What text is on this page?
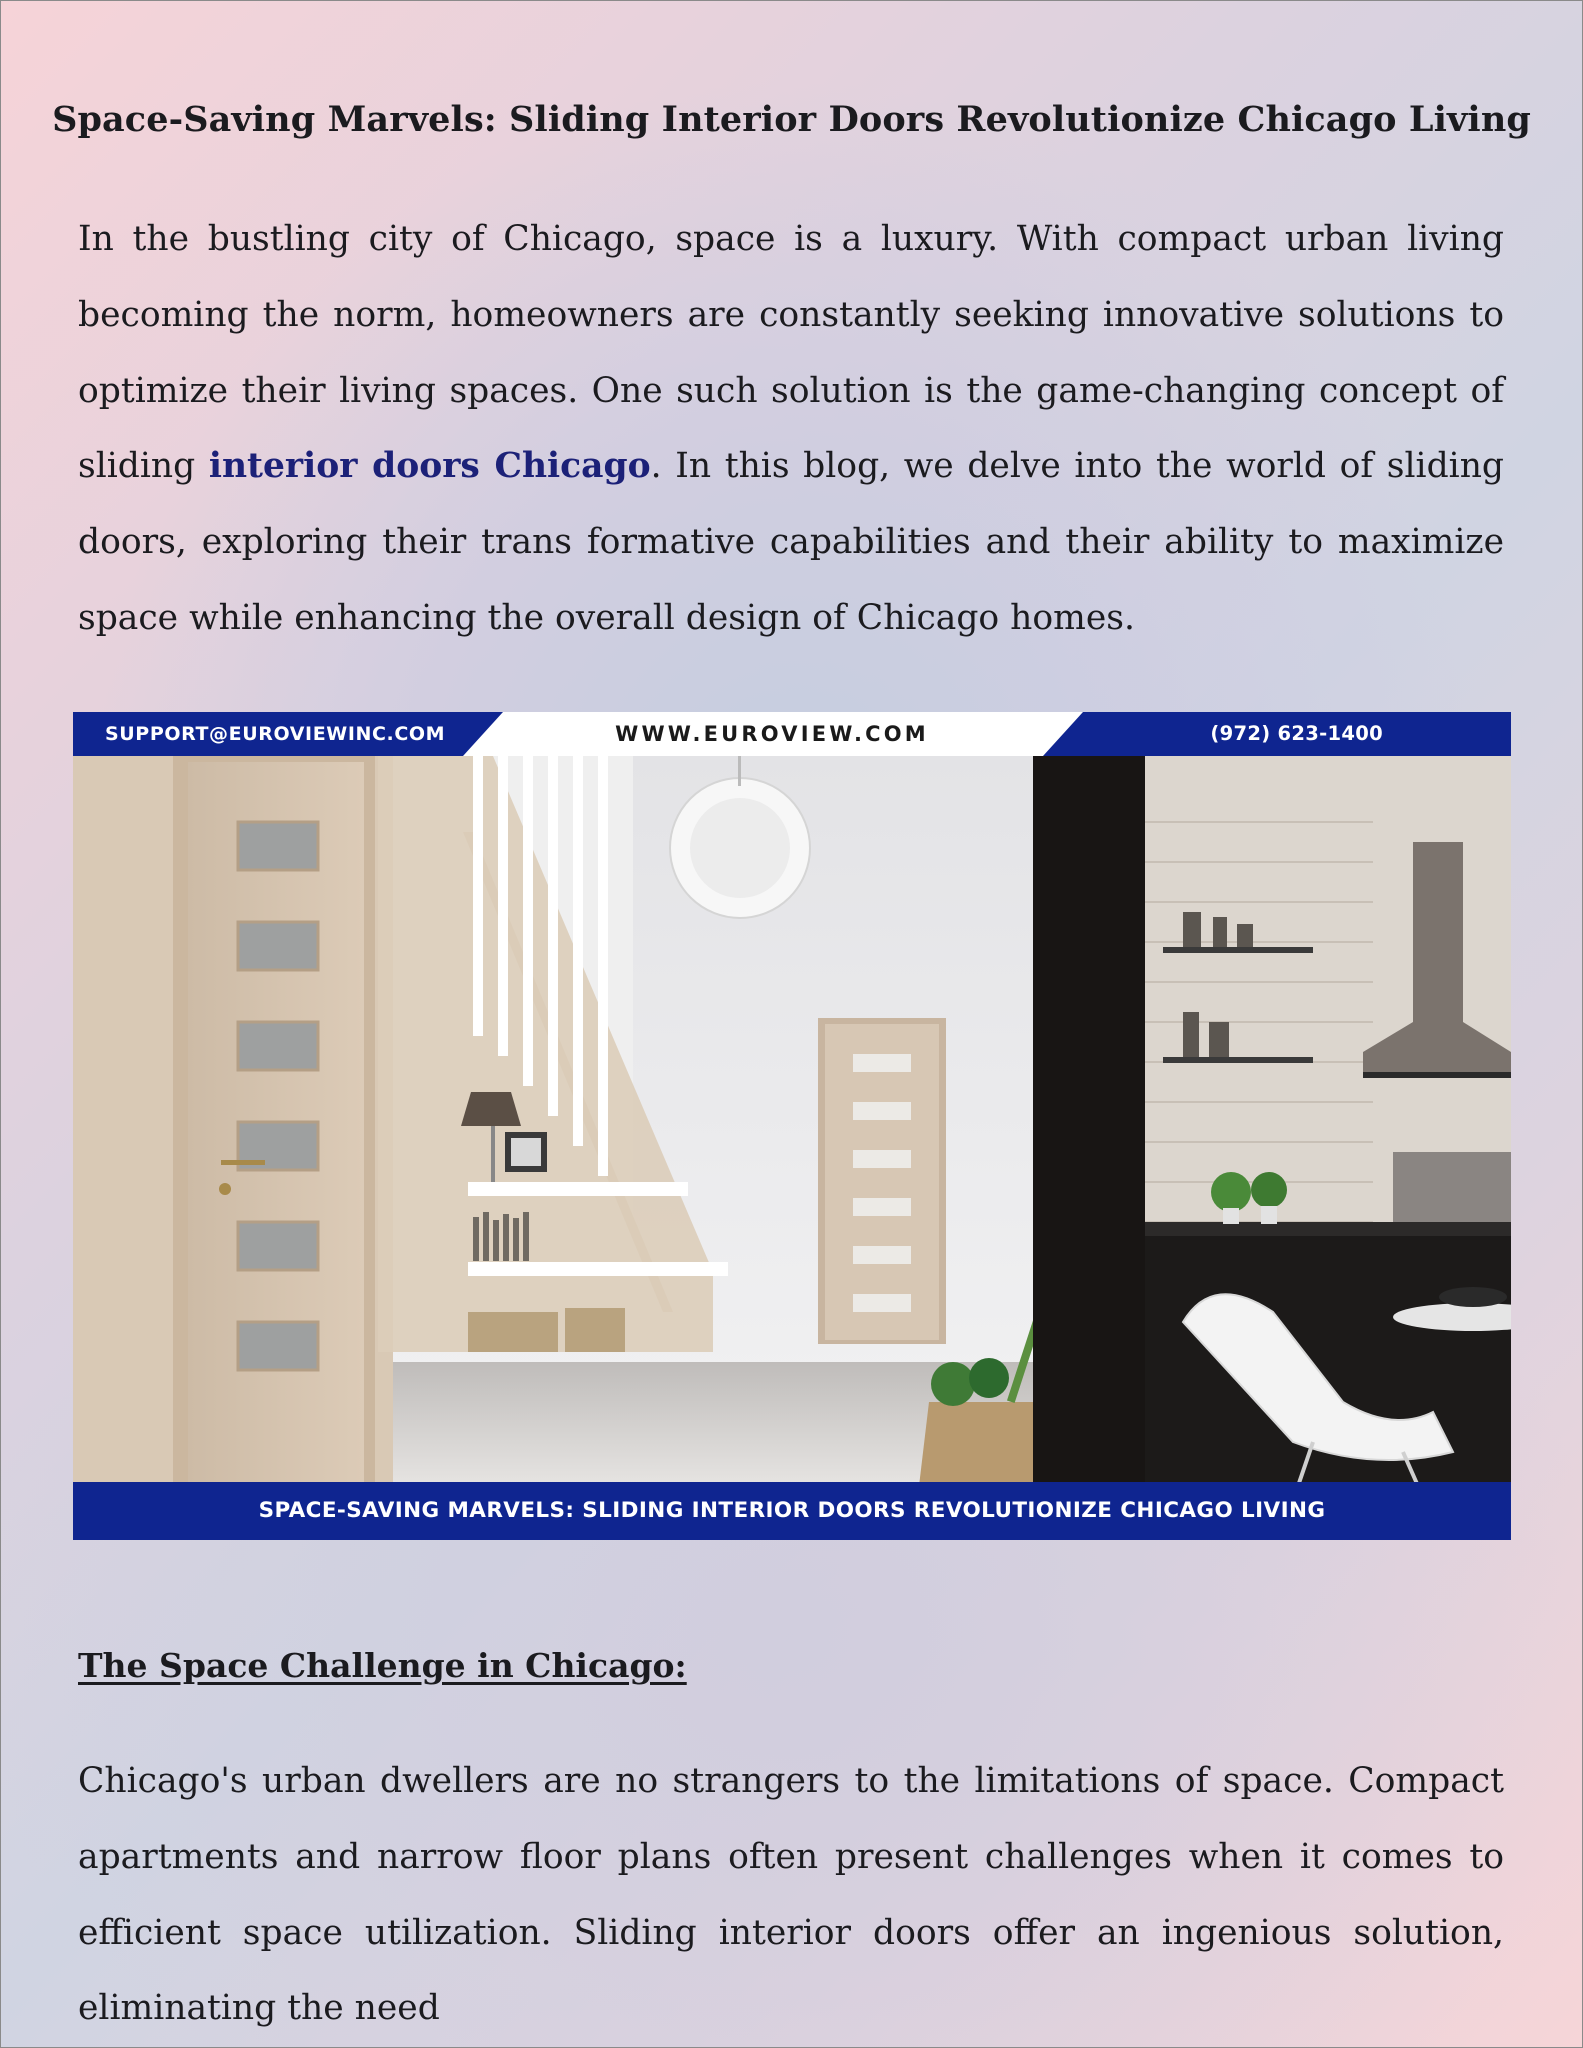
Space-Saving Marvels: Sliding Interior Doors Revolutionize Chicago Living

In the bustling city of Chicago, space is a luxury. With compact urban living becoming the norm, homeowners are constantly seeking innovative solutions to optimize their living spaces. One such solution is the game-changing concept of sliding interior doors Chicago. In this blog, we delve into the world of sliding doors, exploring their trans formative capabilities and their ability to maximize space while enhancing the overall design of Chicago homes.

SUPPORT@EUROVIEWINC.COM	WWW.EUROVIEW.COM	(972) 623-1400

SPACE-SAVING MARVELS: SLIDING INTERIOR DOORS REVOLUTIONIZE CHICAGO LIVING

The Space Challenge in Chicago:

Chicago's urban dwellers are no strangers to the limitations of space. Compact apartments and narrow floor plans often present challenges when it comes to efficient space utilization. Sliding interior doors offer an ingenious solution, eliminating the need
